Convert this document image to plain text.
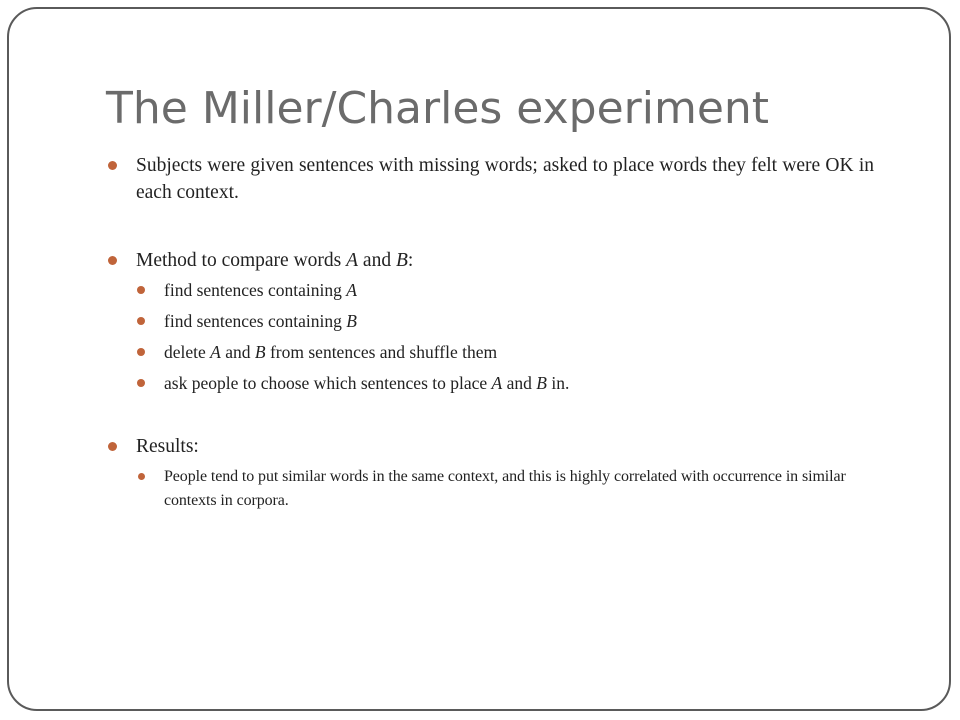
The Miller/Charles experiment
Subjects were given sentences with missing words; asked to place words they felt were OK in each context.
Method to compare words A and B:
find sentences containing A
find sentences containing B
delete A and B from sentences and shuffle them
ask people to choose which sentences to place A and B in.
Results:
People tend to put similar words in the same context, and this is highly correlated with occurrence in similar contexts in corpora.
